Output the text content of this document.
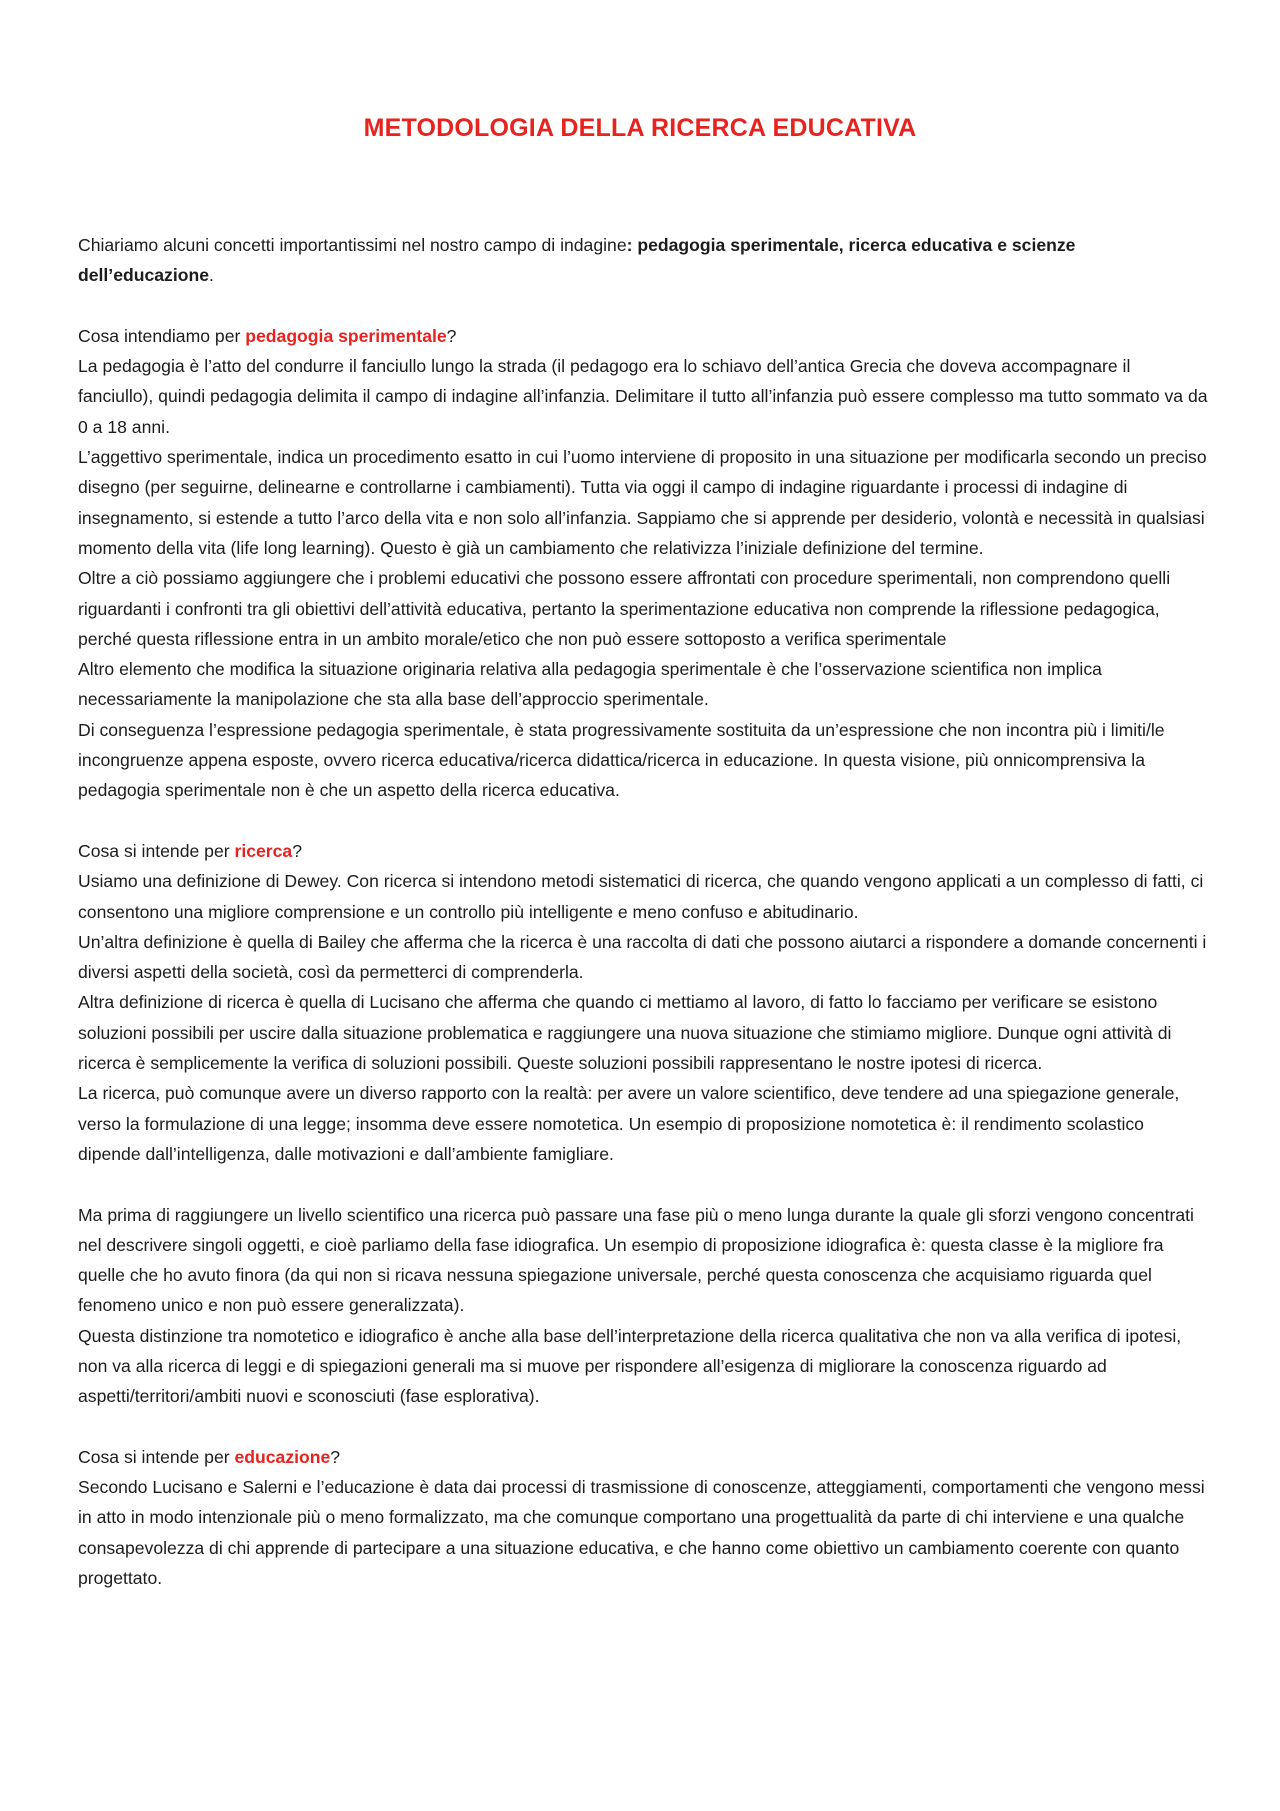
METODOLOGIA DELLA RICERCA EDUCATIVA

Chiariamo alcuni concetti importantissimi nel nostro campo di indagine: pedagogia sperimentale, ricerca educativa e scienze dell’educazione.

Cosa intendiamo per pedagogia sperimentale?

La pedagogia è l’atto del condurre il fanciullo lungo la strada (il pedagogo era lo schiavo dell’antica Grecia che doveva accompagnare il fanciullo), quindi pedagogia delimita il campo di indagine all’infanzia. Delimitare il tutto all’infanzia può essere complesso ma tutto sommato va da 0 a 18 anni.

L’aggettivo sperimentale, indica un procedimento esatto in cui l’uomo interviene di proposito in una situazione per modificarla secondo un preciso disegno (per seguirne, delinearne e controllarne i cambiamenti). Tutta via oggi il campo di indagine riguardante i processi di indagine di insegnamento, si estende a tutto l’arco della vita e non solo all’infanzia. Sappiamo che si apprende per desiderio, volontà e necessità in qualsiasi momento della vita (life long learning). Questo è già un cambiamento che relativizza l’iniziale definizione del termine.

Oltre a ciò possiamo aggiungere che i problemi educativi che possono essere affrontati con procedure sperimentali, non comprendono quelli riguardanti i confronti tra gli obiettivi dell’attività educativa, pertanto la sperimentazione educativa non comprende la riflessione pedagogica, perché questa riflessione entra in un ambito morale/etico che non può essere sottoposto a verifica sperimentale

Altro elemento che modifica la situazione originaria relativa alla pedagogia sperimentale è che l’osservazione scientifica non implica necessariamente la manipolazione che sta alla base dell’approccio sperimentale.

Di conseguenza l’espressione pedagogia sperimentale, è stata progressivamente sostituita da un’espressione che non incontra più i limiti/le incongruenze appena esposte, ovvero ricerca educativa/ricerca didattica/ricerca in educazione. In questa visione, più onnicomprensiva la pedagogia sperimentale non è che un aspetto della ricerca educativa.

Cosa si intende per ricerca?

Usiamo una definizione di Dewey. Con ricerca si intendono metodi sistematici di ricerca, che quando vengono applicati a un complesso di fatti, ci consentono una migliore comprensione e un controllo più intelligente e meno confuso e abitudinario.

Un’altra definizione è quella di Bailey che afferma che la ricerca è una raccolta di dati che possono aiutarci a rispondere a domande concernenti i diversi aspetti della società, così da permetterci di comprenderla.

Altra definizione di ricerca è quella di Lucisano che afferma che quando ci mettiamo al lavoro, di fatto lo facciamo per verificare se esistono soluzioni possibili per uscire dalla situazione problematica e raggiungere una nuova situazione che stimiamo migliore. Dunque ogni attività di ricerca è semplicemente la verifica di soluzioni possibili. Queste soluzioni possibili rappresentano le nostre ipotesi di ricerca.

La ricerca, può comunque avere un diverso rapporto con la realtà: per avere un valore scientifico, deve tendere ad una spiegazione generale, verso la formulazione di una legge; insomma deve essere nomotetica. Un esempio di proposizione nomotetica è: il rendimento scolastico dipende dall’intelligenza, dalle motivazioni e dall’ambiente famigliare.

Ma prima di raggiungere un livello scientifico una ricerca può passare una fase più o meno lunga durante la quale gli sforzi vengono concentrati nel descrivere singoli oggetti, e cioè parliamo della fase idiografica. Un esempio di proposizione idiografica è: questa classe è la migliore fra quelle che ho avuto finora (da qui non si ricava nessuna spiegazione universale, perché questa conoscenza che acquisiamo riguarda quel fenomeno unico e non può essere generalizzata).

Questa distinzione tra nomotetico e idiografico è anche alla base dell’interpretazione della ricerca qualitativa che non va alla verifica di ipotesi, non va alla ricerca di leggi e di spiegazioni generali ma si muove per rispondere all’esigenza di migliorare la conoscenza riguardo ad aspetti/territori/ambiti nuovi e sconosciuti (fase esplorativa).

Cosa si intende per educazione?

Secondo Lucisano e Salerni e l’educazione è data dai processi di trasmissione di conoscenze, atteggiamenti, comportamenti che vengono messi in atto in modo intenzionale più o meno formalizzato, ma che comunque comportano una progettualità da parte di chi interviene e una qualche consapevolezza di chi apprende di partecipare a una situazione educativa, e che hanno come obiettivo un cambiamento coerente con quanto progettato.
